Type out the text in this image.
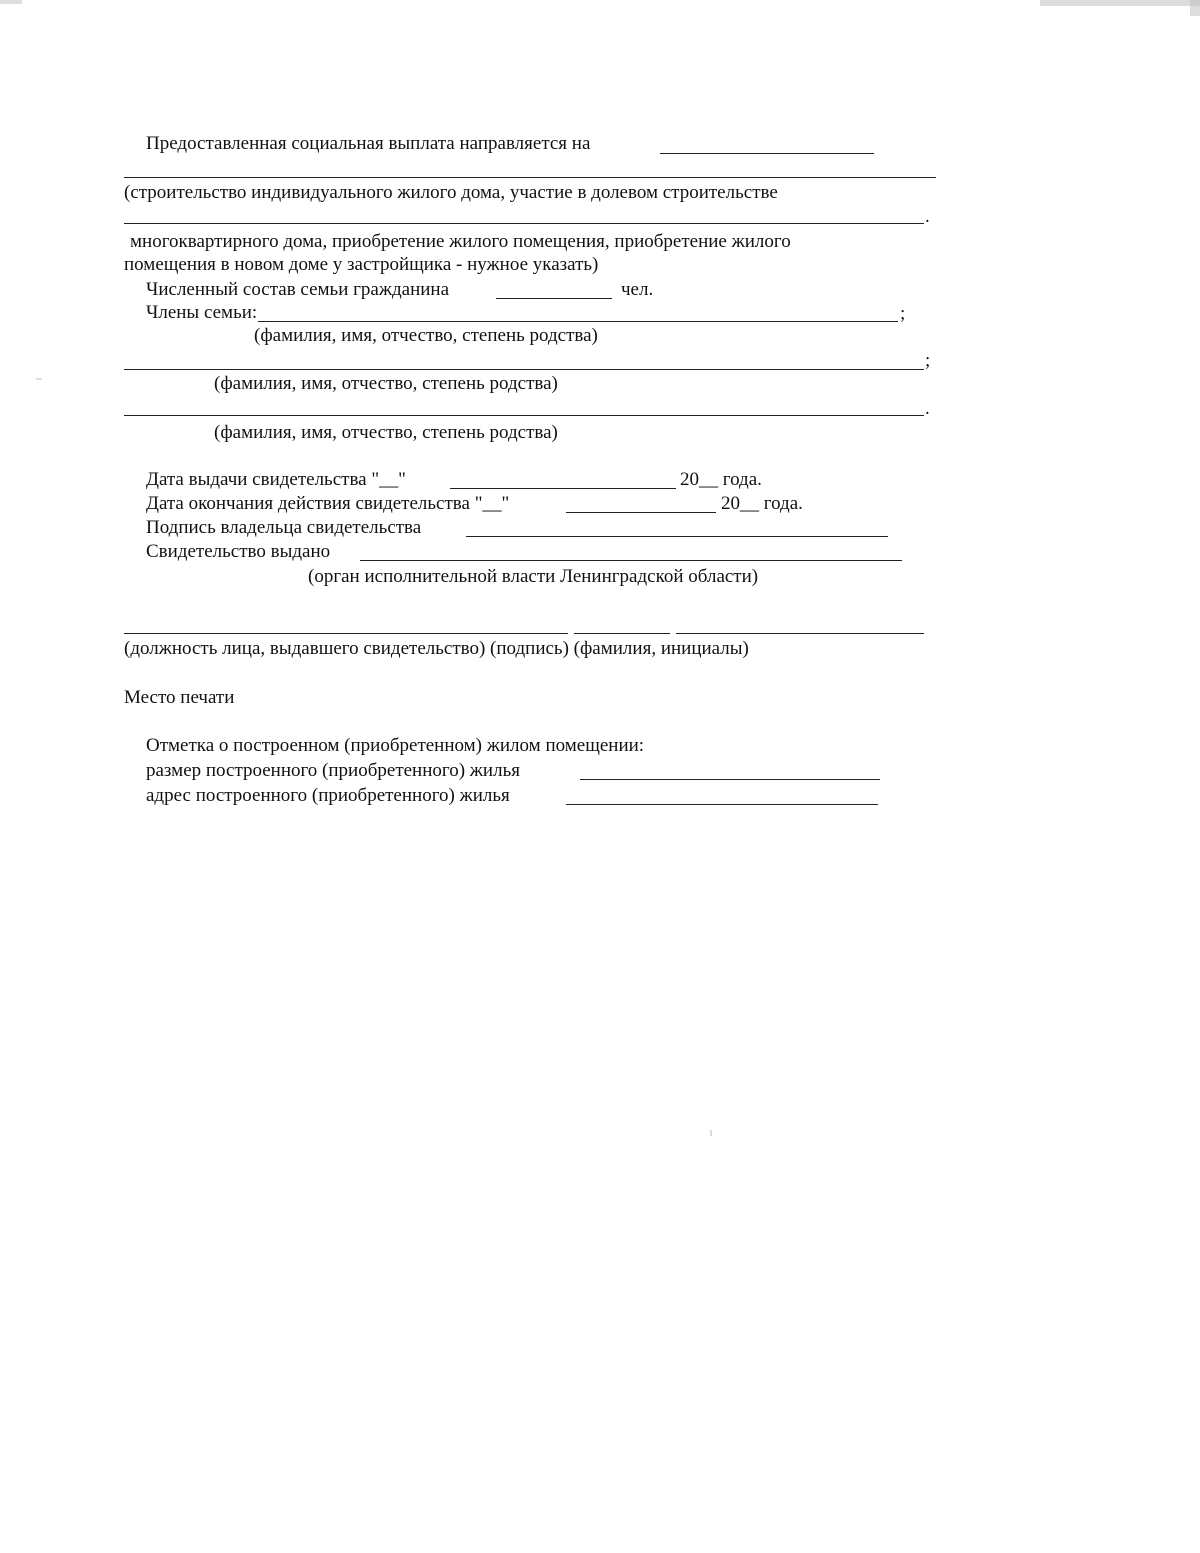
Предоставленная социальная выплата направляется на
(строительство индивидуального жилого дома, участие в долевом строительстве
.
многоквартирного дома, приобретение жилого помещения, приобретение жилого
помещения в новом доме у застройщика - нужное указать)
Численный состав семьи гражданина	чел.
Члены семьи:	;
(фамилия, имя, отчество, степень родства)
;
(фамилия, имя, отчество, степень родства)
.
(фамилия, имя, отчество, степень родства)
Дата выдачи свидетельства "__"	20__ года.
Дата окончания действия свидетельства "__"	20__ года.
Подпись владельца свидетельства
Свидетельство выдано
(орган исполнительной власти Ленинградской области)
(должность лица, выдавшего свидетельство) (подпись) (фамилия, инициалы)
Место печати
Отметка о построенном (приобретенном) жилом помещении:
размер построенного (приобретенного) жилья
адрес построенного (приобретенного) жилья
